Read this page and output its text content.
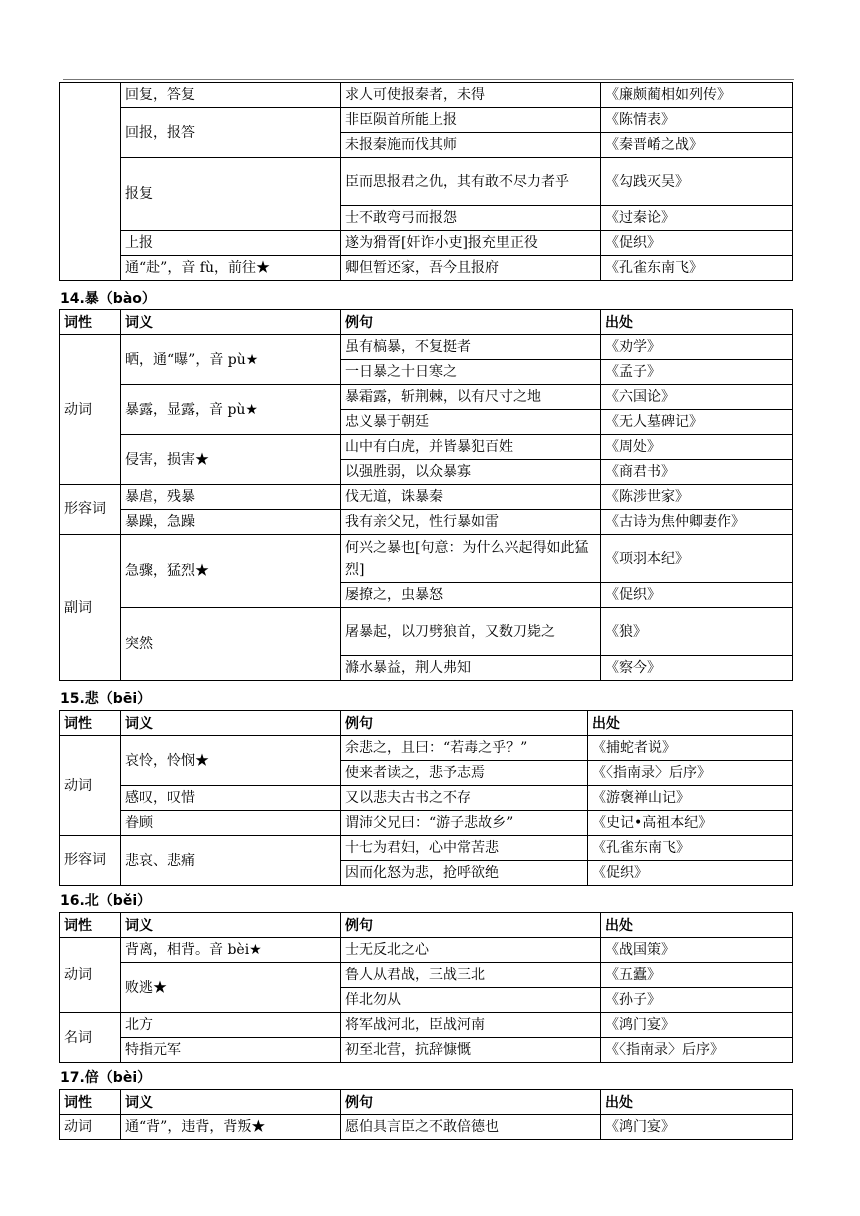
	回复，答复	求人可使报秦者，未得	《廉颇蔺相如列传》
	回报，报答	非臣陨首所能上报	《陈情表》
		未报秦施而伐其师	《秦晋崤之战》
	报复	臣而思报君之仇，其有敢不尽力者乎	《勾践灭吴》
		士不敢弯弓而报怨	《过秦论》
	上报	遂为猾胥[奸诈小吏]报充里正役	《促织》
	通“赴”，音 fù，前往★	卿但暂还家，吾今且报府	《孔雀东南飞》
14.暴（bào）
词性	词义	例句	出处
动词	晒，通“曝”，音 pù★	虽有槁暴，不复挺者	《劝学》
		一日暴之十日寒之	《孟子》
	暴露，显露，音 pù★	暴霜露，斩荆棘，以有尺寸之地	《六国论》
		忠义暴于朝廷	《无人墓碑记》
	侵害，损害★	山中有白虎，并皆暴犯百姓	《周处》
		以强胜弱，以众暴寡	《商君书》
形容词	暴虐，残暴	伐无道，诛暴秦	《陈涉世家》
	暴躁，急躁	我有亲父兄，性行暴如雷	《古诗为焦仲卿妻作》
副词	急骤，猛烈★	何兴之暴也[句意：为什么兴起得如此猛烈]	《项羽本纪》
		屡撩之，虫暴怒	《促织》
	突然	屠暴起，以刀劈狼首，又数刀毙之	《狼》
		滌水暴益，荆人弗知	《察今》
15.悲（bēi）
词性	词义	例句	出处
动词	哀怜，怜悯★	余悲之，且曰：“若毒之乎？”	《捕蛇者说》
		使来者读之，悲予志焉	《〈指南录〉后序》
	感叹，叹惜	又以悲夫古书之不存	《游褒禅山记》
	眷顾	谓沛父兄曰：“游子悲故乡”	《史记•高祖本纪》
形容词	悲哀、悲痛	十七为君妇，心中常苦悲	《孔雀东南飞》
		因而化怒为悲，抢呼欲绝	《促织》
16.北（běi）
词性	词义	例句	出处
动词	背离，相背。音 bèi★	士无反北之心	《战国策》
	败逃★	鲁人从君战，三战三北	《五蠹》
		佯北勿从	《孙子》
名词	北方	将军战河北，臣战河南	《鸿门宴》
	特指元军	初至北营，抗辞慷慨	《〈指南录〉后序》
17.倍（bèi）
词性	词义	例句	出处
动词	通“背”，违背，背叛★	愿伯具言臣之不敢倍德也	《鸿门宴》
